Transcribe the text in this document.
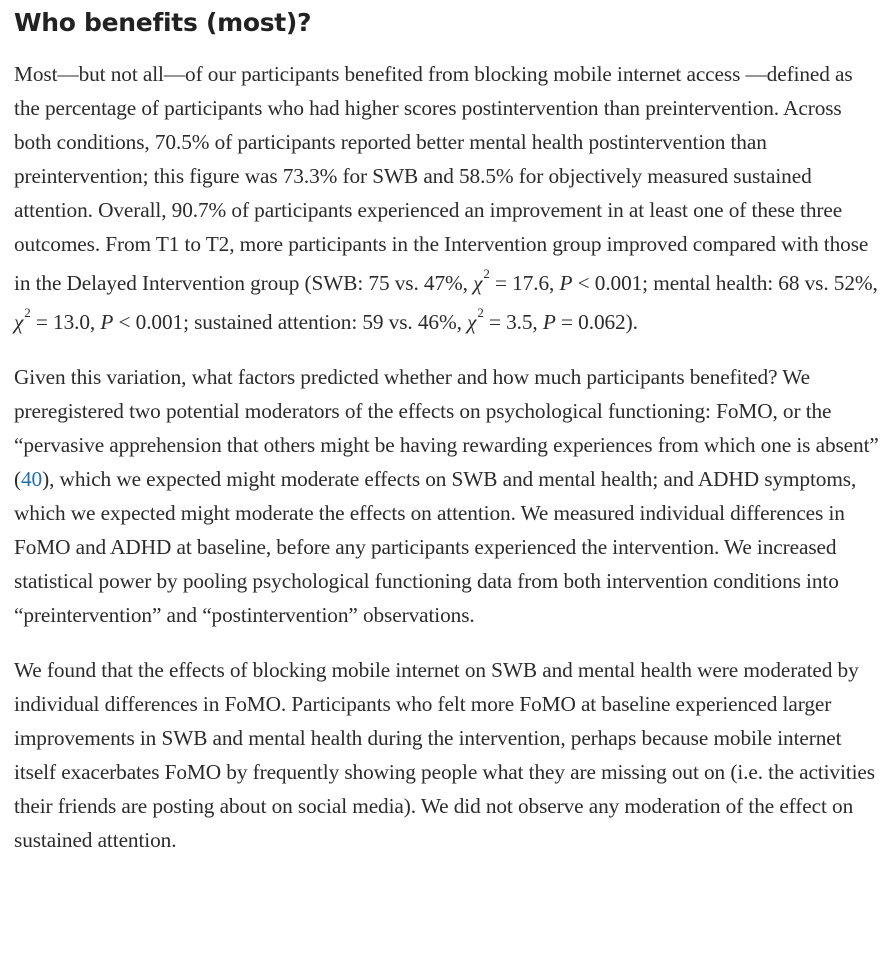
Who benefits (most)?

Most—but not all—of our participants benefited from blocking mobile internet access —defined as the percentage of participants who had higher scores postintervention than preintervention. Across both conditions, 70.5% of participants reported better mental health postintervention than preintervention; this figure was 73.3% for SWB and 58.5% for objectively measured sustained attention. Overall, 90.7% of participants experienced an improvement in at least one of these three outcomes. From T1 to T2, more participants in the Intervention group improved compared with those in the Delayed Intervention group (SWB: 75 vs. 47%, $\chi^2 = 17.6$, P < 0.001; mental health: 68 vs. 52%, $\chi^2 = 13.0$, P < 0.001; sustained attention: 59 vs. 46%, $\chi^2 = 3.5$, P = 0.062).

Given this variation, what factors predicted whether and how much participants benefited? We preregistered two potential moderators of the effects on psychological functioning: FoMO, or the “pervasive apprehension that others might be having rewarding experiences from which one is absent” (40), which we expected might moderate effects on SWB and mental health; and ADHD symptoms, which we expected might moderate the effects on attention. We measured individual differences in FoMO and ADHD at baseline, before any participants experienced the intervention. We increased statistical power by pooling psychological functioning data from both intervention conditions into “preintervention” and “postintervention” observations.

We found that the effects of blocking mobile internet on SWB and mental health were moderated by individual differences in FoMO. Participants who felt more FoMO at baseline experienced larger improvements in SWB and mental health during the intervention, perhaps because mobile internet itself exacerbates FoMO by frequently showing people what they are missing out on (i.e. the activities their friends are posting about on social media). We did not observe any moderation of the effect on sustained attention.
